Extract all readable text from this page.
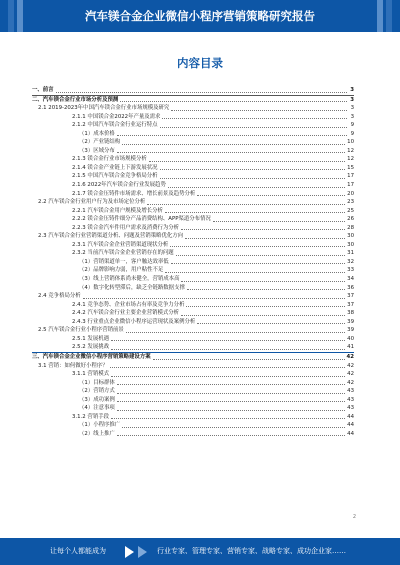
汽车镁合金企业微信小程序营销策略研究报告
内容目录
一、前言	3
二、汽车镁合金行业市场分析及预测	3
2.1 2019-2023年中国汽车镁合金行业市场规模及研究	3
2.1.1 中国镁合金2022年产量及需求	3
2.1.2 中国汽车镁合金行业运行特点	9
（1）成本价格	9
（2）产业链结构	10
（3）区域分布	12
2.1.3 镁合金行业市场规模分析	12
2.1.4 镁合金产业链上下游发展状况	15
2.1.5 中国汽车镁合金竞争格局分析	17
2.1.6 2022年汽车镁合金行业发展趋势	17
2.1.7 镁合金压铸件市场需求、增长前景及趋势分析	20
2.2 汽车镁合金行业用户行为及市场定位分析	23
2.2.1 汽车镁合金用户规模及增长分析	25
2.2.2 镁合金压铸件细分产品消费结构、APP渠道分布情况	26
2.2.3 镁合金汽车件用户需求及消费行为分析	28
2.3 汽车镁合金行业营销渠道分析、问题及营销策略优化方向	30
2.3.1 汽车镁合金企业营销渠道现状分析	30
2.3.2 当前汽车镁合金企业营销存在的问题	31
（1）营销渠道单一，客户触达效率低	32
（2）品牌影响力弱，用户粘性不足	33
（3）线上营销体系尚未健全，营销成本高	34
（4）数字化转型滞后，缺乏全链路数据支撑	36
2.4 竞争格局分析	37
2.4.1 竞争态势、企业市场占有率及竞争力分析	37
2.4.2 汽车镁合金行业主要企业营销模式分析	38
2.4.3 行业重点企业微信小程序运营现状及案例分析	39
2.5 汽车镁合金行业小程序营销前景	39
2.5.1 发展机遇	40
2.5.2 发展挑战	41
三、汽车镁合金企业微信小程序营销策略建设方案	42
3.1 营销：如何做好小程序？	42
3.1.1 营销模式	42
（1）目标群体	42
（2）营销方式	43
（3）成功案例	43
（4）注意事项	43
3.1.2 营销手段	44
（1）小程序推广	44
（2）线上推广	44
2
让每个人都能成为	行业专家、管理专家、营销专家、战略专家、成功企业家……
